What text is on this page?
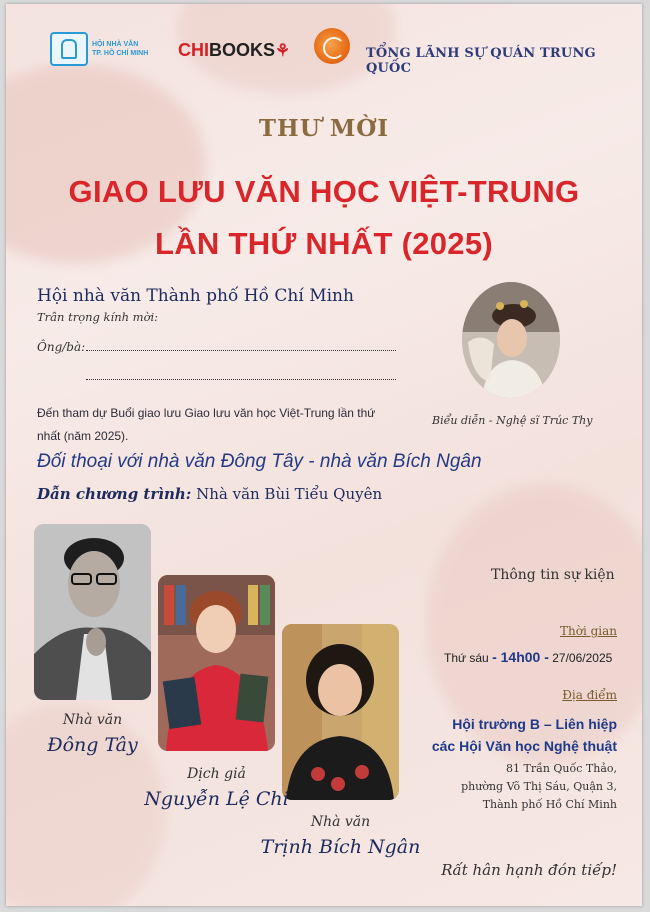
HỘI NHÀ VĂN
TP. HỒ CHÍ MINH CHIBOOKS⚘	TỔNG LÃNH SỰ QUÁN TRUNG QUỐC
THƯ MỜI
GIAO LƯU VĂN HỌC VIỆT-TRUNG
LẦN THỨ NHẤT (2025)
Hội nhà văn Thành phố Hồ Chí Minh
Trân trọng kính mời:
Ông/bà:
Đến tham dự Buổi giao lưu Giao lưu văn học Việt-Trung lần thứ nhất (năm 2025).
Đối thoại với nhà văn Đông Tây - nhà văn Bích Ngân
Dẫn chương trình: Nhà văn Bùi Tiểu Quyên
Biểu diễn - Nghệ sĩ Trúc Thy
Nhà văn
Đông Tây
Dịch giả
Nguyễn Lệ Chi
Nhà văn
Trịnh Bích Ngân
Thông tin sự kiện
Thời gian
Thứ sáu - 14h00 - 27/06/2025
Địa điểm
Hội trường B – Liên hiệp
các Hội Văn học Nghệ thuật
81 Trần Quốc Thảo,
phường Võ Thị Sáu, Quận 3,
Thành phố Hồ Chí Minh
Rất hân hạnh đón tiếp!
